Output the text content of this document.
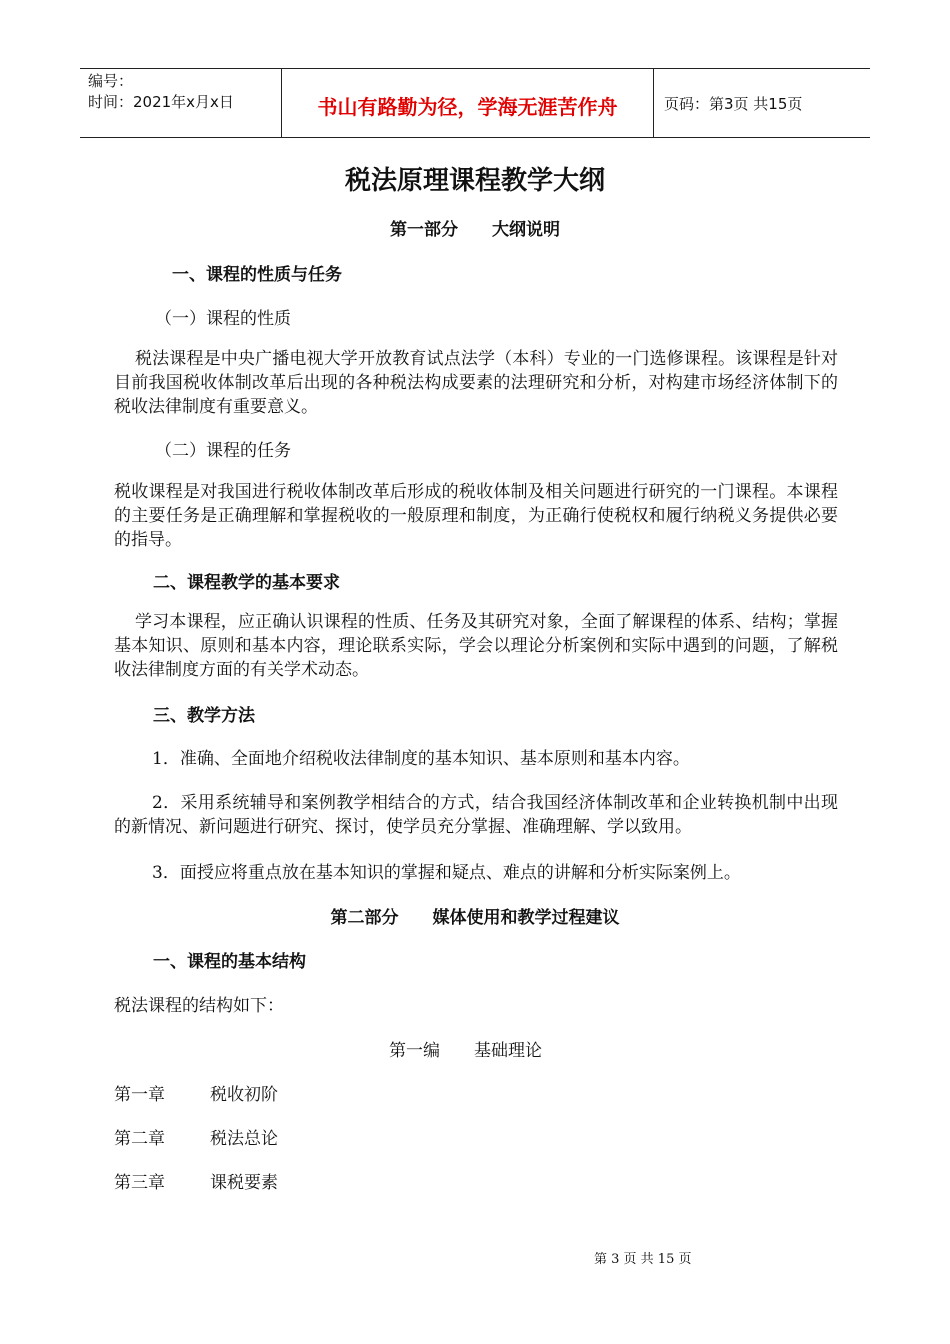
编号：
时间：2021年x月x日	书山有路勤为径，学海无涯苦作舟	页码：第3页 共15页
税法原理课程教学大纲
第一部分　　大纲说明
一、课程的性质与任务
（一）课程的性质
税法课程是中央广播电视大学开放教育试点法学（本科）专业的一门选修课程。该课程是针对目前我国税收体制改革后出现的各种税法构成要素的法理研究和分析，对构建市场经济体制下的税收法律制度有重要意义。
（二）课程的任务
税收课程是对我国进行税收体制改革后形成的税收体制及相关问题进行研究的一门课程。本课程的主要任务是正确理解和掌握税收的一般原理和制度，为正确行使税权和履行纳税义务提供必要的指导。
二、课程教学的基本要求
学习本课程，应正确认识课程的性质、任务及其研究对象，全面了解课程的体系、结构；掌握基本知识、原则和基本内容，理论联系实际，学会以理论分析案例和实际中遇到的问题，了解税收法律制度方面的有关学术动态。
三、教学方法
1．准确、全面地介绍税收法律制度的基本知识、基本原则和基本内容。
2．采用系统辅导和案例教学相结合的方式，结合我国经济体制改革和企业转换机制中出现的新情况、新问题进行研究、探讨，使学员充分掌握、准确理解、学以致用。
3．面授应将重点放在基本知识的掌握和疑点、难点的讲解和分析实际案例上。
第二部分　　媒体使用和教学过程建议
一、课程的基本结构
税法课程的结构如下：
第一编　　基础理论
第一章	税收初阶
第二章	税法总论
第三章	课税要素
第 3 页 共 15 页
